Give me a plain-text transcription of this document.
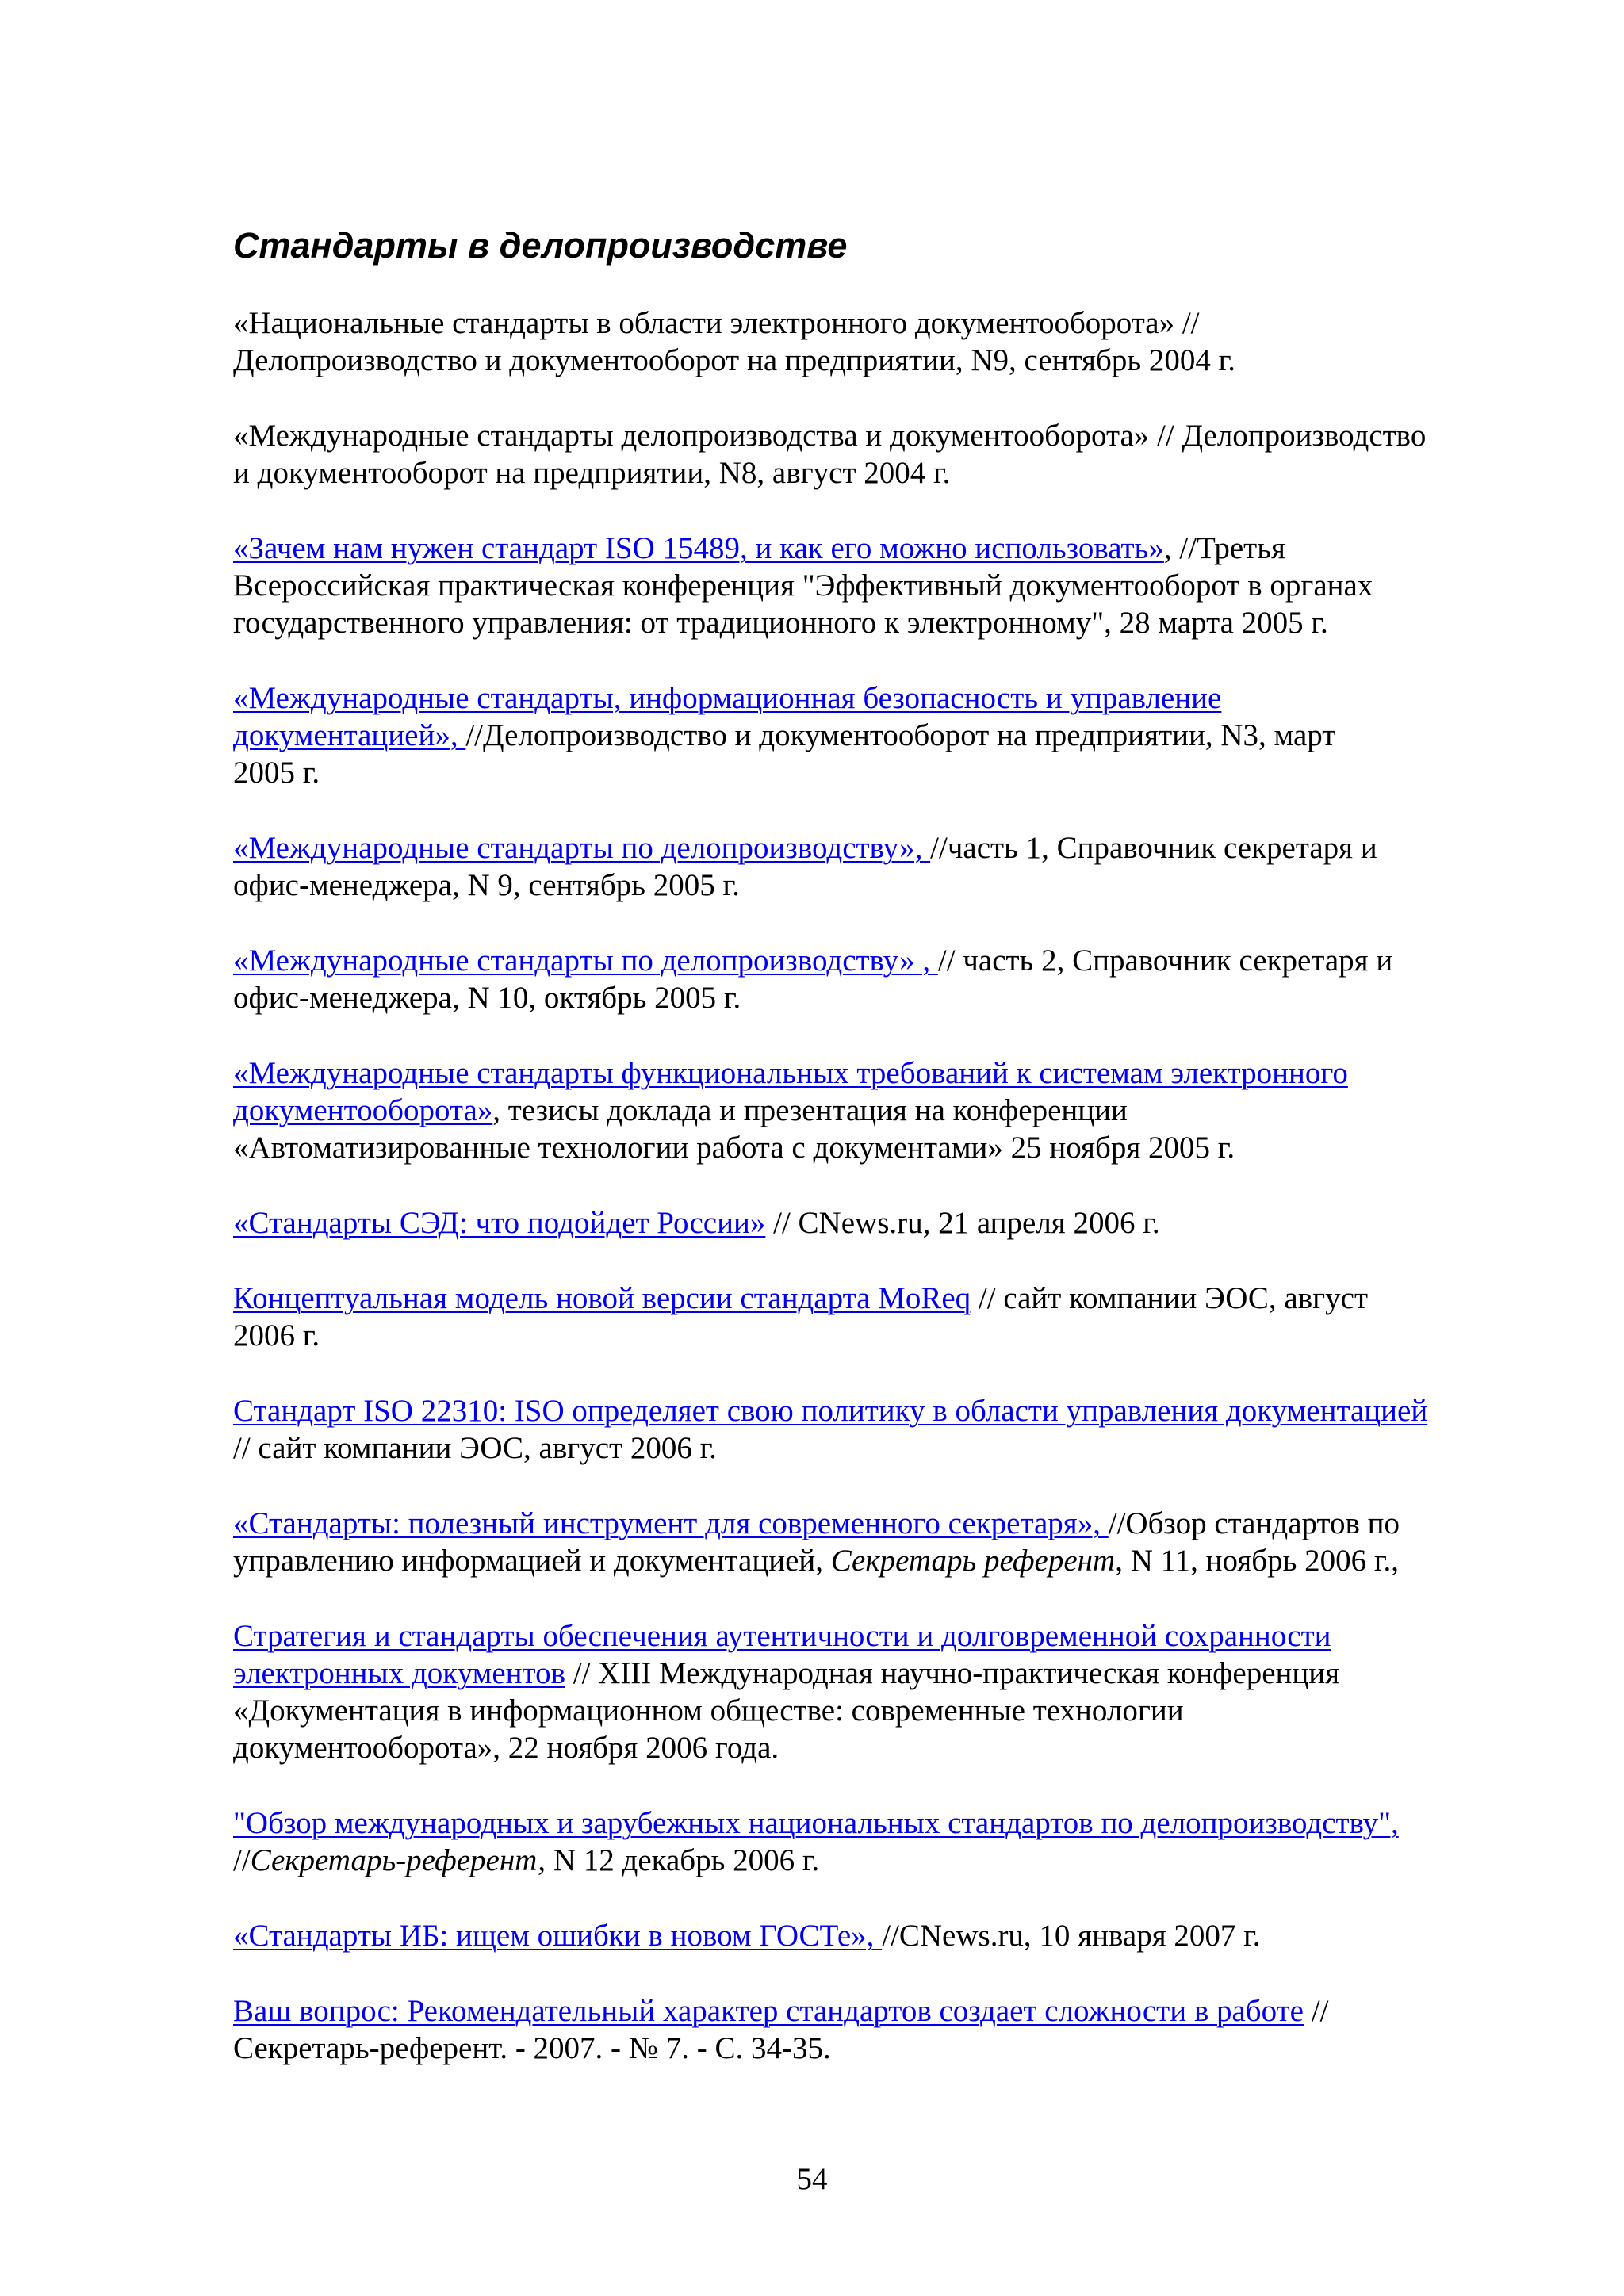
Стандарты в делопроизводстве

«Национальные стандарты в области электронного документооборота» //
Делопроизводство и документооборот на предприятии, N9, сентябрь 2004 г.

«Международные стандарты делопроизводства и документооборота» // Делопроизводство
и документооборот на предприятии, N8, август 2004 г.

«Зачем нам нужен стандарт ISO 15489, и как его можно использовать», //Третья
Всероссийская практическая конференция "Эффективный документооборот в органах
государственного управления: от традиционного к электронному", 28 марта 2005 г.

«Международные стандарты, информационная безопасность и управление
документацией», //Делопроизводство и документооборот на предприятии, N3, март
2005 г.

«Международные стандарты по делопроизводству», //часть 1, Справочник секретаря и
офис-менеджера, N 9, сентябрь 2005 г.

«Международные стандарты по делопроизводству» , // часть 2, Справочник секретаря и
офис-менеджера, N 10, октябрь 2005 г.

«Международные стандарты функциональных требований к системам электронного
документооборота», тезисы доклада и презентация на конференции
«Автоматизированные технологии работа с документами» 25 ноября 2005 г.

«Стандарты СЭД: что подойдет России» // CNews.ru, 21 апреля 2006 г.

Концептуальная модель новой версии стандарта MoReq // сайт компании ЭОС, август
2006 г.

Стандарт ISO 22310: ISO определяет свою политику в области управления документацией
// сайт компании ЭОС, август 2006 г.

«Стандарты: полезный инструмент для современного секретаря», //Обзор стандартов по
управлению информацией и документацией, Секретарь референт, N 11, ноябрь 2006 г.,

Стратегия и стандарты обеспечения аутентичности и долговременной сохранности
электронных документов // XIII Международная научно-практическая конференция
«Документация в информационном обществе: современные технологии
документооборота», 22 ноября 2006 года.

"Обзор международных и зарубежных национальных стандартов по делопроизводству",
//Секретарь-референт, N 12 декабрь 2006 г.

«Стандарты ИБ: ищем ошибки в новом ГОСТе», //CNews.ru, 10 января 2007 г.

Ваш вопрос: Рекомендательный характер стандартов создает сложности в работе //
Секретарь-референт. - 2007. - № 7. - С. 34-35.

54
